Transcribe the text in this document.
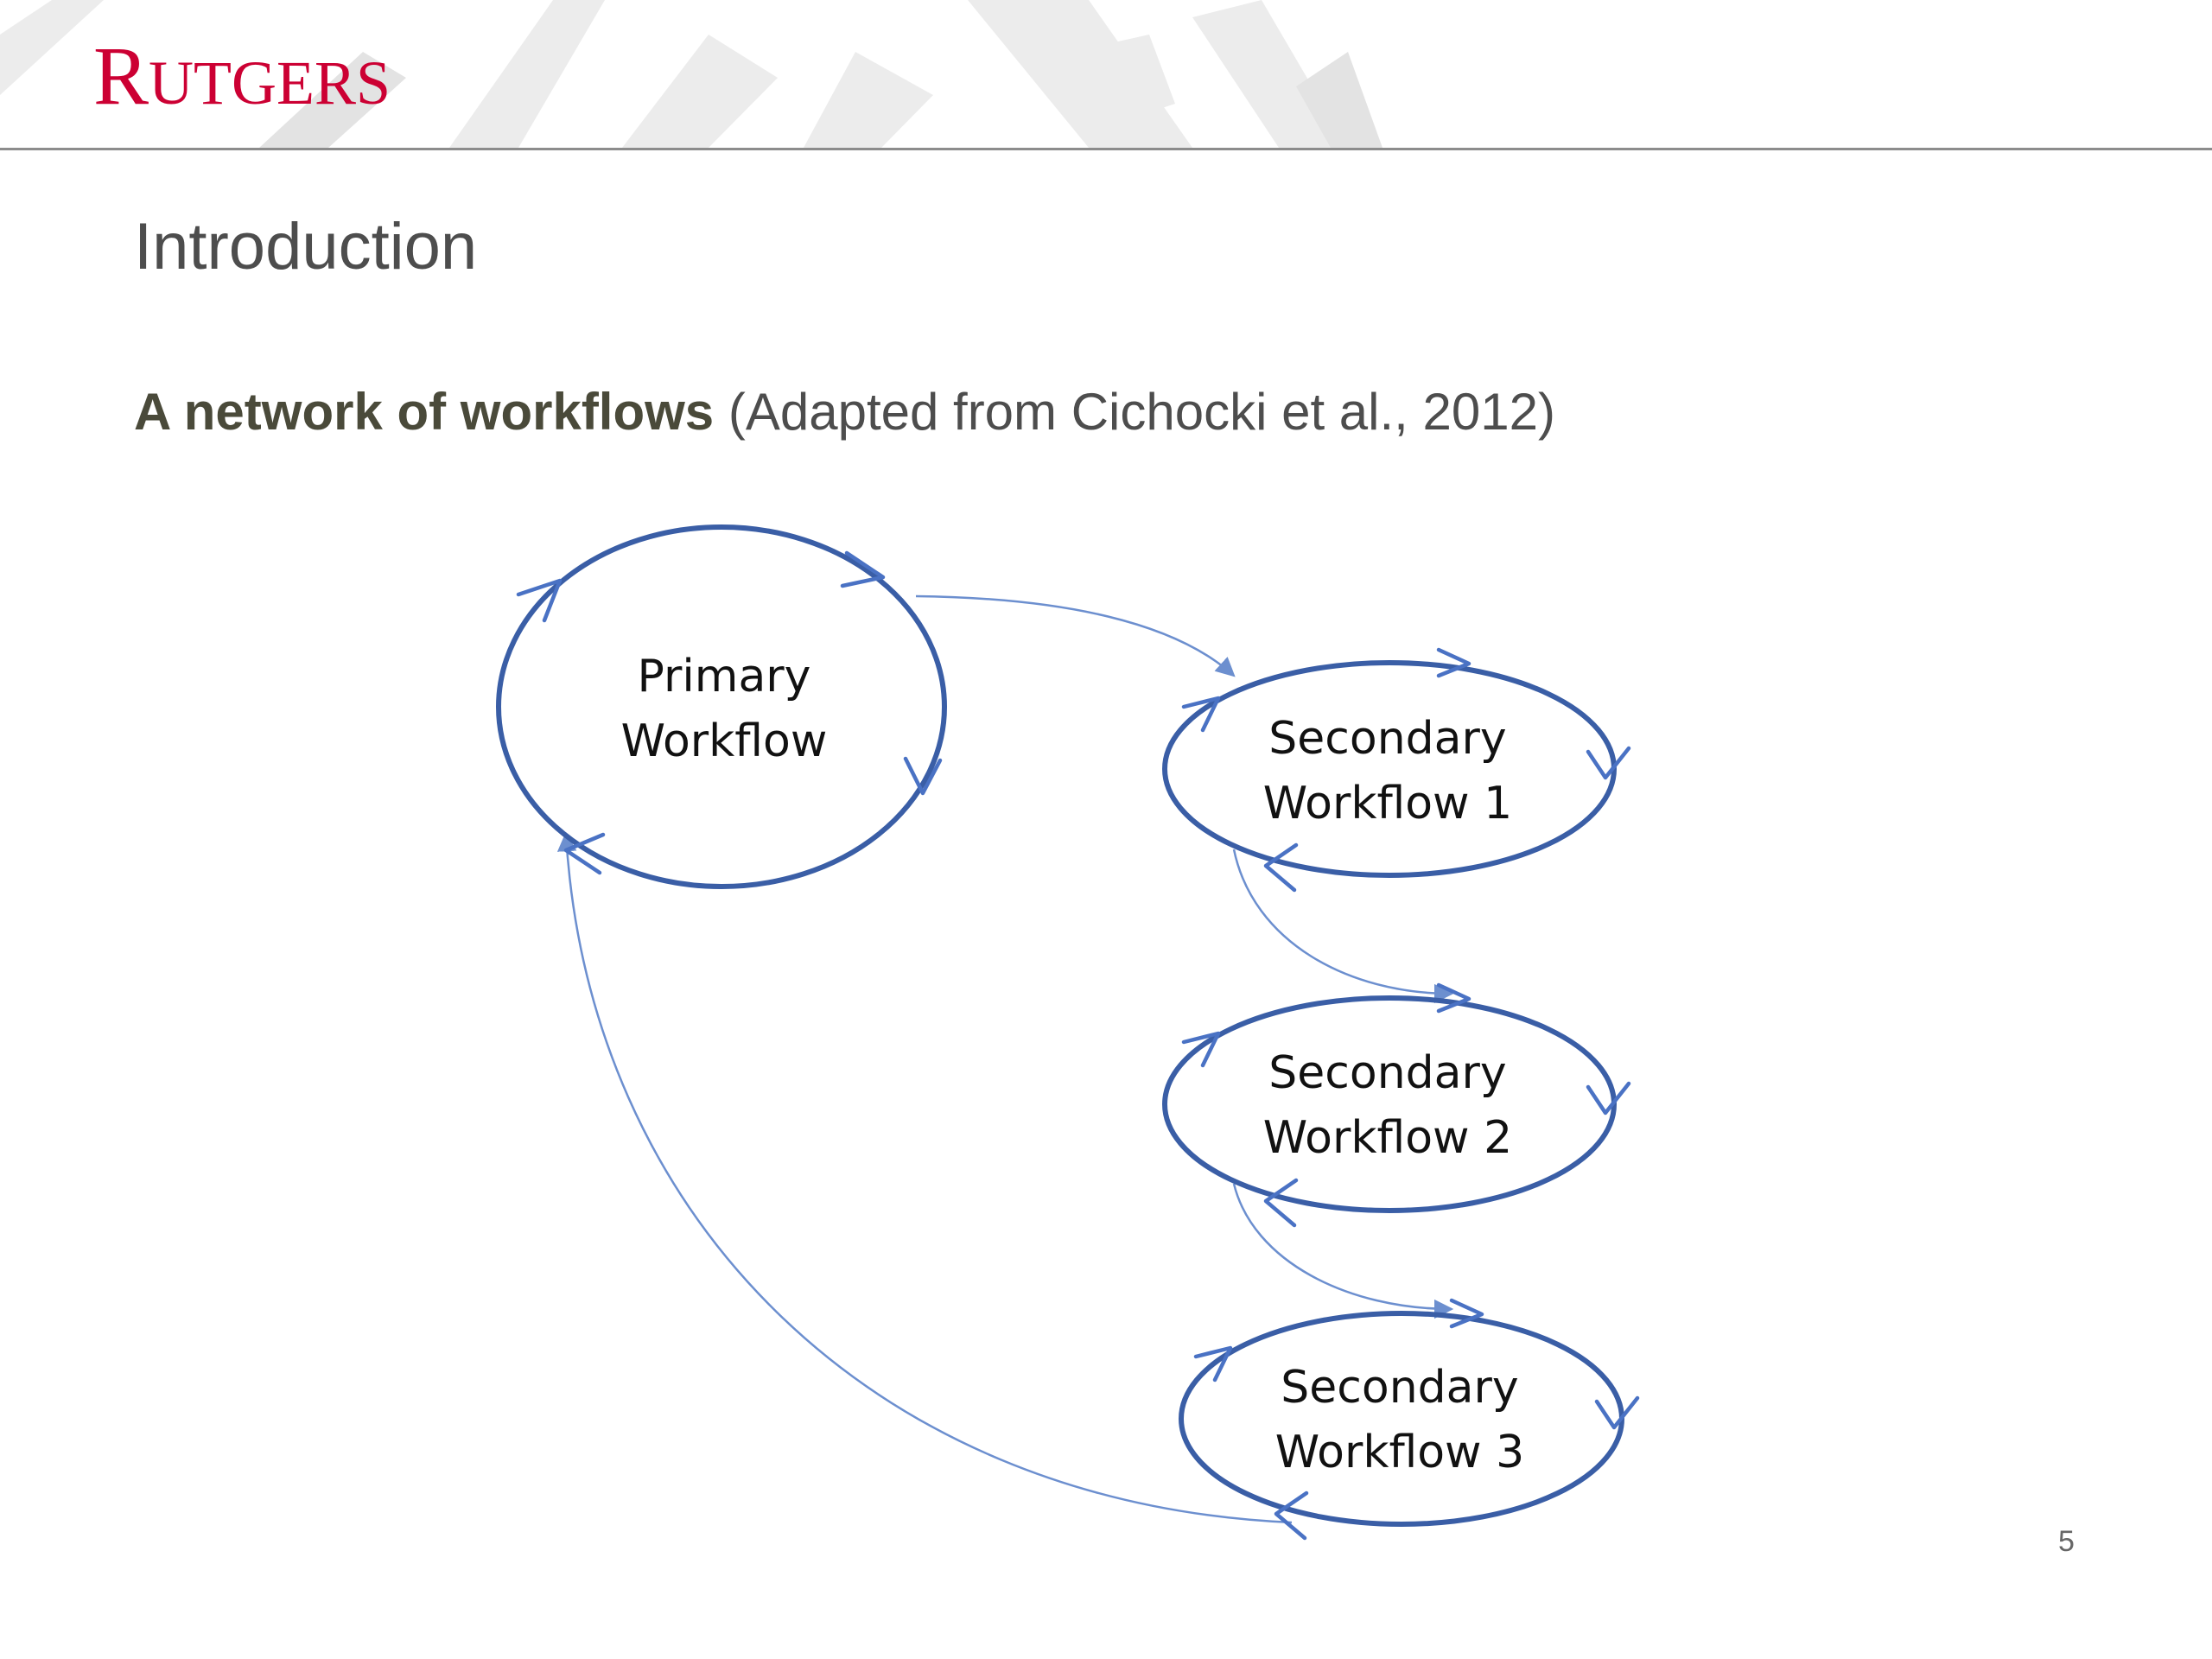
RUTGERS
Introduction
A network of workflows (Adapted from Cichocki et al., 2012)
Primary
Workflow	Secondary
Workflow 1
Secondary
Workflow 2
Secondary
Workflow 3
5
